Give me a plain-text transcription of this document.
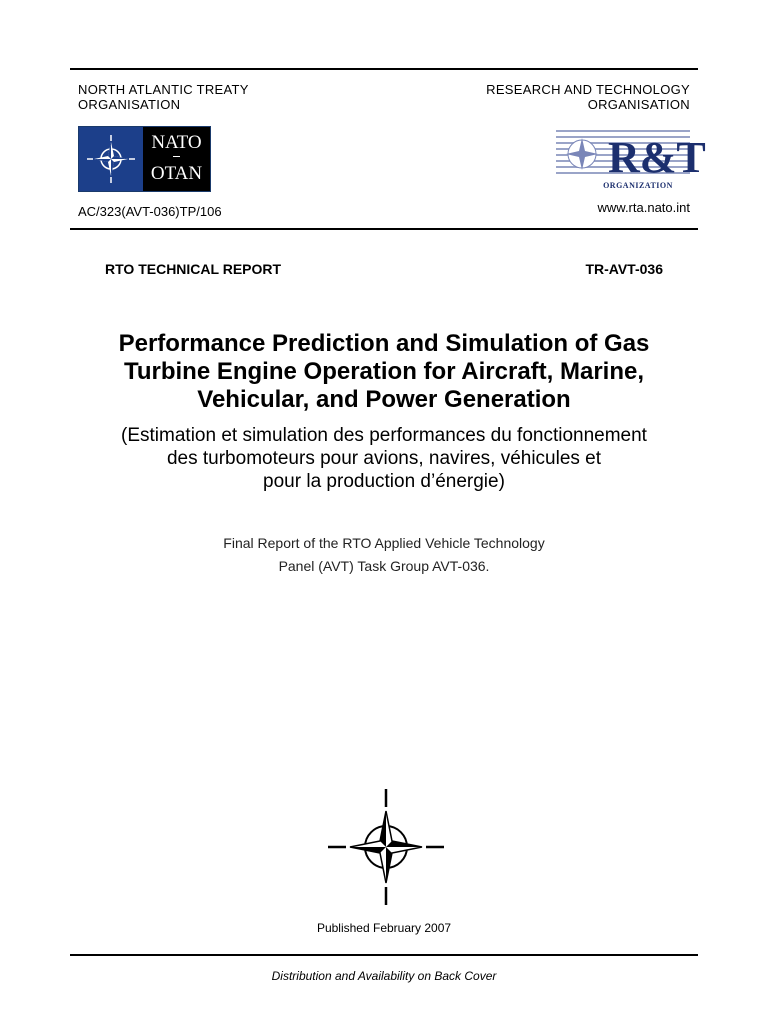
NORTH ATLANTIC TREATY
ORGANISATION
RESEARCH AND TECHNOLOGY
ORGANISATION
NATO
OTAN	R&T
ORGANIZATION
AC/323(AVT-036)TP/106	www.rta.nato.int
RTO TECHNICAL REPORT	TR-AVT-036
Performance Prediction and Simulation of Gas
Turbine Engine Operation for Aircraft, Marine,
Vehicular, and Power Generation
(Estimation et simulation des performances du fonctionnement
des turbomoteurs pour avions, navires, véhicules et
pour la production d’énergie)
Final Report of the RTO Applied Vehicle Technology
Panel (AVT) Task Group AVT-036.
Published February 2007
Distribution and Availability on Back Cover
